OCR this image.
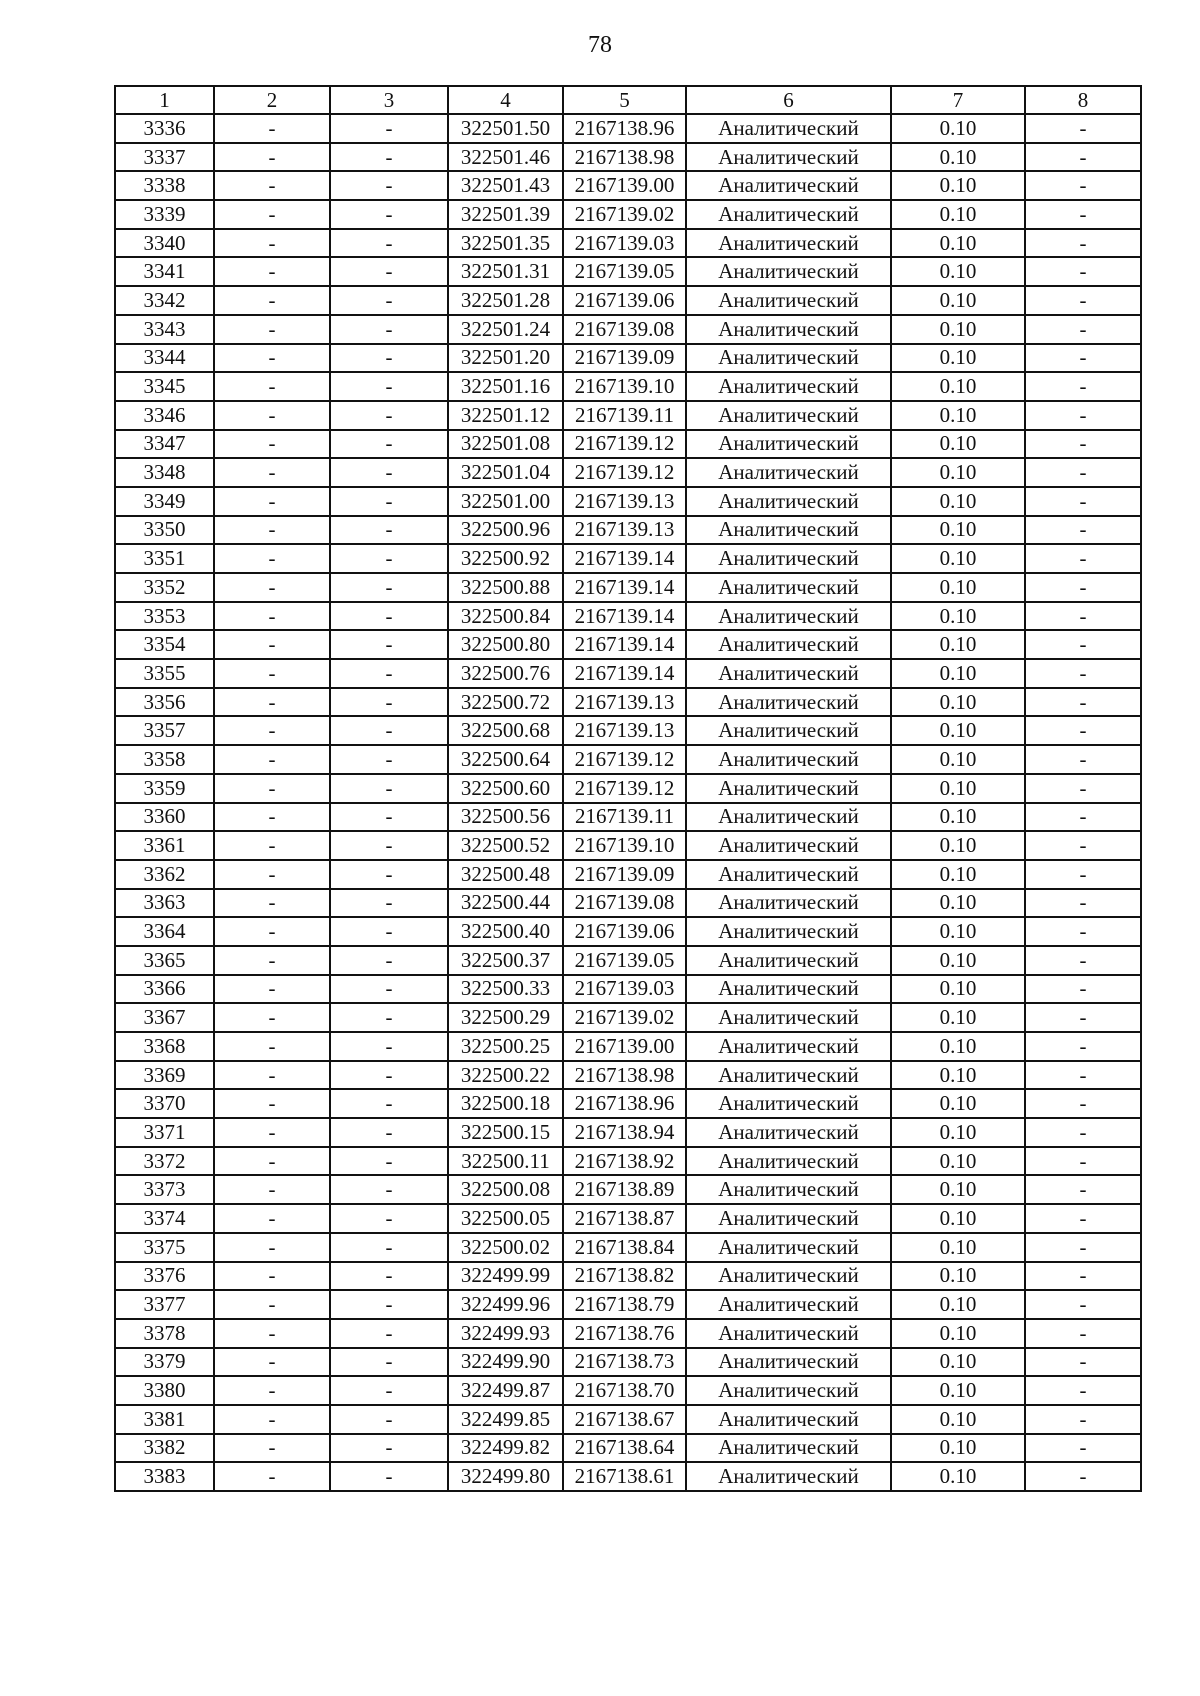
78
1	2	3	4	5	6	7	8
3336	-	-	322501.50	2167138.96	Аналитический	0.10	-
3337	-	-	322501.46	2167138.98	Аналитический	0.10	-
3338	-	-	322501.43	2167139.00	Аналитический	0.10	-
3339	-	-	322501.39	2167139.02	Аналитический	0.10	-
3340	-	-	322501.35	2167139.03	Аналитический	0.10	-
3341	-	-	322501.31	2167139.05	Аналитический	0.10	-
3342	-	-	322501.28	2167139.06	Аналитический	0.10	-
3343	-	-	322501.24	2167139.08	Аналитический	0.10	-
3344	-	-	322501.20	2167139.09	Аналитический	0.10	-
3345	-	-	322501.16	2167139.10	Аналитический	0.10	-
3346	-	-	322501.12	2167139.11	Аналитический	0.10	-
3347	-	-	322501.08	2167139.12	Аналитический	0.10	-
3348	-	-	322501.04	2167139.12	Аналитический	0.10	-
3349	-	-	322501.00	2167139.13	Аналитический	0.10	-
3350	-	-	322500.96	2167139.13	Аналитический	0.10	-
3351	-	-	322500.92	2167139.14	Аналитический	0.10	-
3352	-	-	322500.88	2167139.14	Аналитический	0.10	-
3353	-	-	322500.84	2167139.14	Аналитический	0.10	-
3354	-	-	322500.80	2167139.14	Аналитический	0.10	-
3355	-	-	322500.76	2167139.14	Аналитический	0.10	-
3356	-	-	322500.72	2167139.13	Аналитический	0.10	-
3357	-	-	322500.68	2167139.13	Аналитический	0.10	-
3358	-	-	322500.64	2167139.12	Аналитический	0.10	-
3359	-	-	322500.60	2167139.12	Аналитический	0.10	-
3360	-	-	322500.56	2167139.11	Аналитический	0.10	-
3361	-	-	322500.52	2167139.10	Аналитический	0.10	-
3362	-	-	322500.48	2167139.09	Аналитический	0.10	-
3363	-	-	322500.44	2167139.08	Аналитический	0.10	-
3364	-	-	322500.40	2167139.06	Аналитический	0.10	-
3365	-	-	322500.37	2167139.05	Аналитический	0.10	-
3366	-	-	322500.33	2167139.03	Аналитический	0.10	-
3367	-	-	322500.29	2167139.02	Аналитический	0.10	-
3368	-	-	322500.25	2167139.00	Аналитический	0.10	-
3369	-	-	322500.22	2167138.98	Аналитический	0.10	-
3370	-	-	322500.18	2167138.96	Аналитический	0.10	-
3371	-	-	322500.15	2167138.94	Аналитический	0.10	-
3372	-	-	322500.11	2167138.92	Аналитический	0.10	-
3373	-	-	322500.08	2167138.89	Аналитический	0.10	-
3374	-	-	322500.05	2167138.87	Аналитический	0.10	-
3375	-	-	322500.02	2167138.84	Аналитический	0.10	-
3376	-	-	322499.99	2167138.82	Аналитический	0.10	-
3377	-	-	322499.96	2167138.79	Аналитический	0.10	-
3378	-	-	322499.93	2167138.76	Аналитический	0.10	-
3379	-	-	322499.90	2167138.73	Аналитический	0.10	-
3380	-	-	322499.87	2167138.70	Аналитический	0.10	-
3381	-	-	322499.85	2167138.67	Аналитический	0.10	-
3382	-	-	322499.82	2167138.64	Аналитический	0.10	-
3383	-	-	322499.80	2167138.61	Аналитический	0.10	-
